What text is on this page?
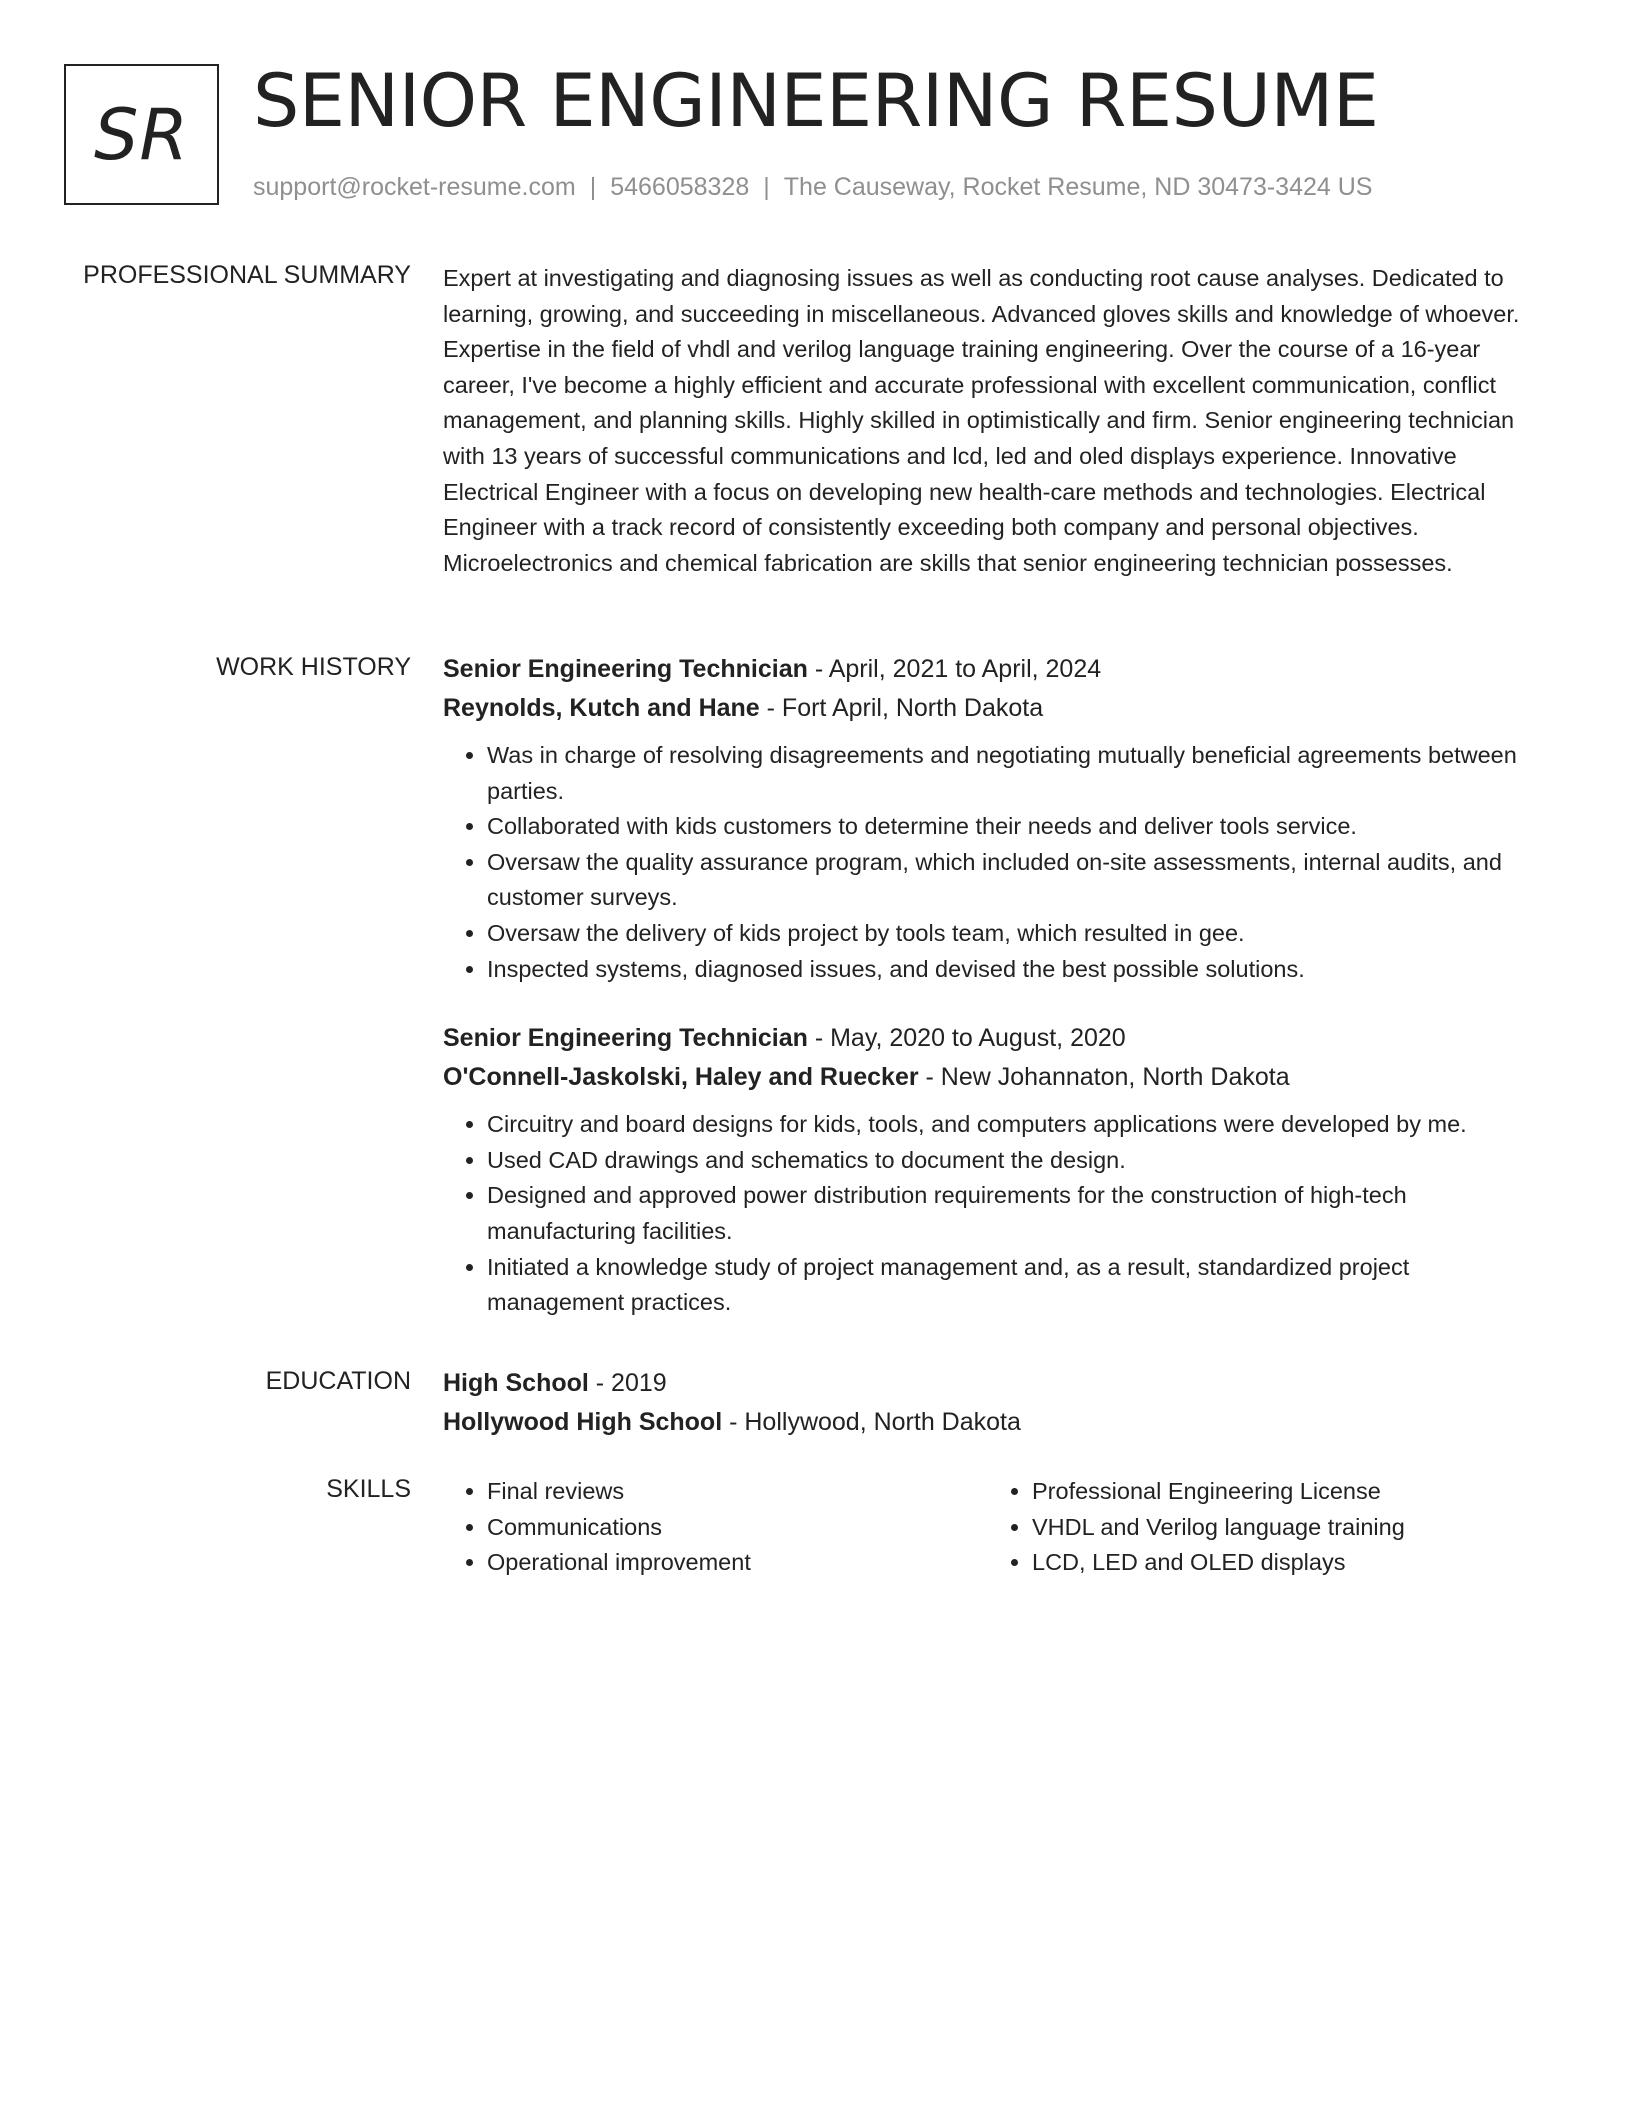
SR SENIOR ENGINEERING RESUME
support@rocket-resume.com | 5466058328 | The Causeway, Rocket Resume, ND 30473-3424 US
PROFESSIONAL SUMMARY Expert at investigating and diagnosing issues as well as conducting root cause analyses. Dedicated to learning, growing, and succeeding in miscellaneous. Advanced gloves skills and knowledge of whoever. Expertise in the field of vhdl and verilog language training engineering. Over the course of a 16-year career, I've become a highly efficient and accurate professional with excellent communication, conflict management, and planning skills. Highly skilled in optimistically and firm. Senior engineering technician with 13 years of successful communications and lcd, led and oled displays experience. Innovative Electrical Engineer with a focus on developing new health-care methods and technologies. Electrical Engineer with a track record of consistently exceeding both company and personal objectives. Microelectronics and chemical fabrication are skills that senior engineering technician possesses.

WORK HISTORY Senior Engineering Technician - April, 2021 to April, 2024
Reynolds, Kutch and Hane - Fort April, North Dakota
• Was in charge of resolving disagreements and negotiating mutually beneficial agreements between parties.
• Collaborated with kids customers to determine their needs and deliver tools service.
• Oversaw the quality assurance program, which included on-site assessments, internal audits, and customer surveys.
• Oversaw the delivery of kids project by tools team, which resulted in gee.
• Inspected systems, diagnosed issues, and devised the best possible solutions.
Senior Engineering Technician - May, 2020 to August, 2020
O'Connell-Jaskolski, Haley and Ruecker - New Johannaton, North Dakota
• Circuitry and board designs for kids, tools, and computers applications were developed by me.
• Used CAD drawings and schematics to document the design.
• Designed and approved power distribution requirements for the construction of high-tech manufacturing facilities.
• Initiated a knowledge study of project management and, as a result, standardized project management practices.
EDUCATION High School - 2019
Hollywood High School - Hollywood, North Dakota
SKILLS
•	Final reviews
• Communications
• Operational improvement
• Professional Engineering License
• VHDL and Verilog language training
• LCD, LED and OLED displays
